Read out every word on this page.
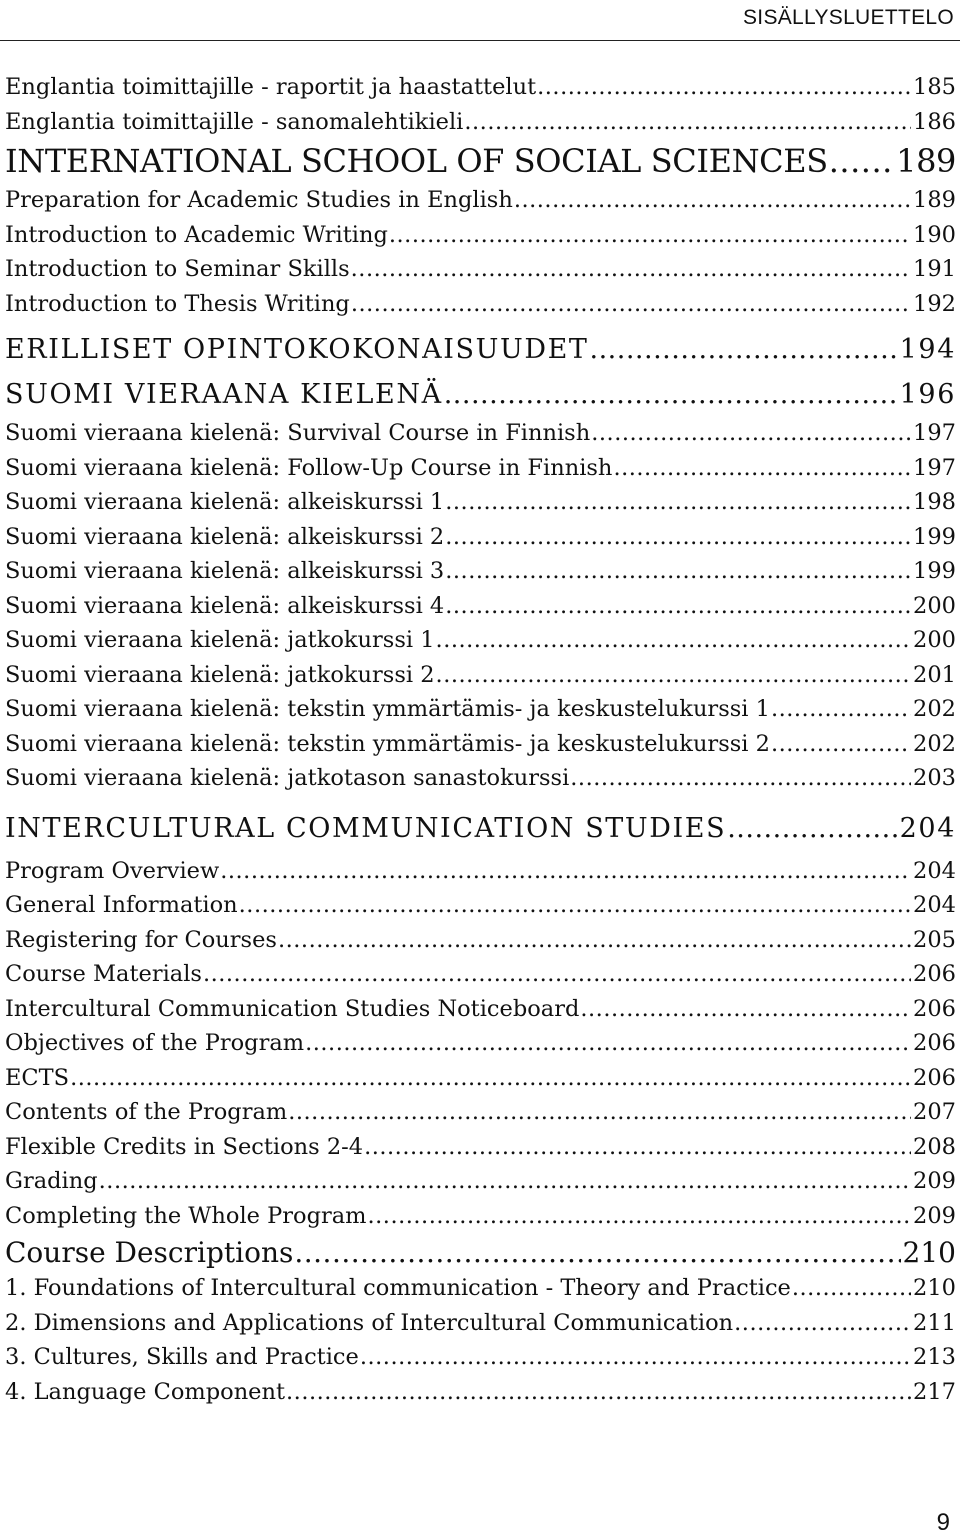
SISÄLLYSLUETTELO
Englantia toimittajille - raportit ja haastattelut .....	185
Englantia toimittajille - sanomalehtikieli .....	186
INTERNATIONAL SCHOOL OF SOCIAL SCIENCES ..... 189
Preparation for Academic Studies in English .....	189
Introduction to Academic Writing .....	190
Introduction to Seminar Skills .....	191
Introduction to Thesis Writing .....	192
ERILLISET OPINTOKOKONAISUUDET .....	194
SUOMI VIERAANA KIELENÄ .....	196
Suomi vieraana kielenä: Survival Course in Finnish .....	197
Suomi vieraana kielenä: Follow-Up Course in Finnish .....	197
Suomi vieraana kielenä: alkeiskurssi 1 .....	198
Suomi vieraana kielenä: alkeiskurssi 2 .....	199
Suomi vieraana kielenä: alkeiskurssi 3 .....	199
Suomi vieraana kielenä: alkeiskurssi 4 .....	200
Suomi vieraana kielenä: jatkokurssi 1 .....	200
Suomi vieraana kielenä: jatkokurssi 2 .....	201
Suomi vieraana kielenä: tekstin ymmärtämis- ja keskustelukurssi 1 .....	202
Suomi vieraana kielenä: tekstin ymmärtämis- ja keskustelukurssi 2 .....	202
Suomi vieraana kielenä: jatkotason sanastokurssi .....	203
INTERCULTURAL COMMUNICATION STUDIES .....	204
Program Overview .....	204
General Information .....	204
Registering for Courses .....	205
Course Materials .....	206
Intercultural Communication Studies Noticeboard .....	206
Objectives of the Program .....	206
ECTS .....	206
Contents of the Program .....	207
Flexible Credits in Sections 2-4 .....	208
Grading .....	209
Completing the Whole Program .....	209
Course Descriptions .....	210
1. Foundations of Intercultural communication - Theory and Practice .....	210
2. Dimensions and Applications of Intercultural Communication .....	211
3. Cultures, Skills and Practice .....	213
4. Language Component .....	217
9
